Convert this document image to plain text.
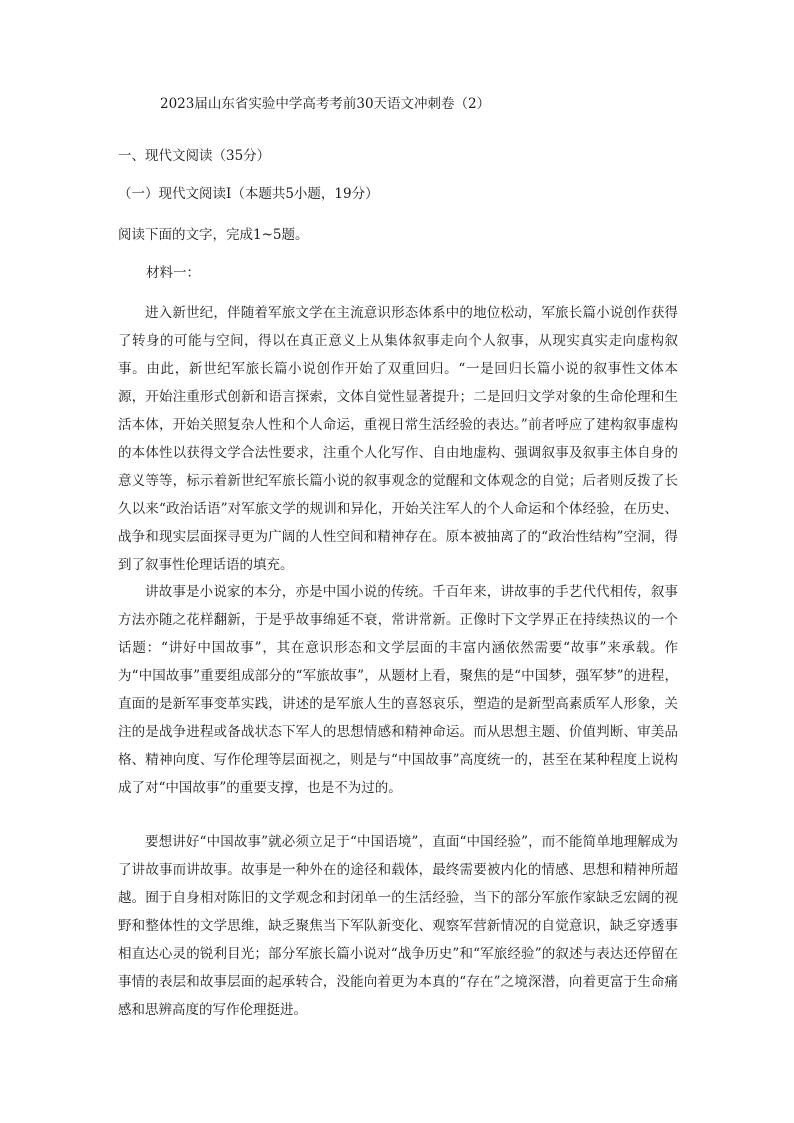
2023届山东省实验中学高考考前30天语文冲刺卷（2）
一、现代文阅读（35分）
（一）现代文阅读Ⅰ（本题共5小题，19分）
阅读下面的文字，完成1~5题。
材料一：

进入新世纪，伴随着军旅文学在主流意识形态体系中的地位松动，军旅长篇小说创作获得了转身的可能与空间，得以在真正意义上从集体叙事走向个人叙事，从现实真实走向虚构叙事。由此，新世纪军旅长篇小说创作开始了双重回归。“一是回归长篇小说的叙事性文体本源，开始注重形式创新和语言探索，文体自觉性显著提升；二是回归文学对象的生命伦理和生活本体，开始关照复杂人性和个人命运，重视日常生活经验的表达。”前者呼应了建构叙事虚构的本体性以获得文学合法性要求，注重个人化写作、自由地虚构、强调叙事及叙事主体自身的意义等等，标示着新世纪军旅长篇小说的叙事观念的觉醒和文体观念的自觉；后者则反拨了长久以来“政治话语”对军旅文学的规训和异化，开始关注军人的个人命运和个体经验，在历史、战争和现实层面探寻更为广阔的人性空间和精神存在。原本被抽离了的“政治性结构”空洞，得到了叙事性伦理话语的填充。

讲故事是小说家的本分，亦是中国小说的传统。千百年来，讲故事的手艺代代相传，叙事方法亦随之花样翻新，于是乎故事绵延不衰，常讲常新。正像时下文学界正在持续热议的一个话题：“讲好中国故事”，其在意识形态和文学层面的丰富内涵依然需要“故事”来承载。作为“中国故事”重要组成部分的“军旅故事”，从题材上看，聚焦的是“中国梦，强军梦”的进程，直面的是新军事变革实践，讲述的是军旅人生的喜怒哀乐，塑造的是新型高素质军人形象，关注的是战争进程或备战状态下军人的思想情感和精神命运。而从思想主题、价值判断、审美品格、精神向度、写作伦理等层面视之，则是与“中国故事”高度统一的，甚至在某种程度上说构成了对“中国故事”的重要支撑，也是不为过的。

要想讲好“中国故事”就必须立足于“中国语境”，直面“中国经验”，而不能简单地理解成为了讲故事而讲故事。故事是一种外在的途径和载体，最终需要被内化的情感、思想和精神所超越。囿于自身相对陈旧的文学观念和封闭单一的生活经验，当下的部分军旅作家缺乏宏阔的视野和整体性的文学思维，缺乏聚焦当下军队新变化、观察军营新情况的自觉意识，缺乏穿透事相直达心灵的锐利目光；部分军旅长篇小说对“战争历史”和“军旅经验”的叙述与表达还停留在事情的表层和故事层面的起承转合，没能向着更为本真的“存在”之境深潜，向着更富于生命痛感和思辨高度的写作伦理挺进。
